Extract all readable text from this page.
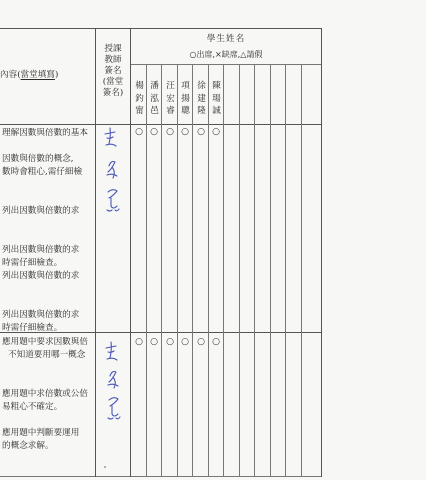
內容(當堂填寫)
授課
教師
簽名
(當堂
簽名)
學生姓名
○出席,×缺席,△請假
楊釣甯
潘泓邑
汪宏睿
項揚聰
徐建隆
陳瑒誠
理解因數與倍數的基本
因數與倍數的概念,
數時會粗心,需仔細檢
列出因數與倍數的求
列出因數與倍數的求
時需仔細檢查。
列出因數與倍數的求
列出因數與倍數的求
時需仔細檢查。
○ ○ ○ ○ ○ ○
應用題中要求因數與倍
不知道要用哪一概念
應用題中求倍數或公倍
易粗心不確定。
應用題中判斷要運用
的概念求解。
○ ○ ○ ○ ○ ○
